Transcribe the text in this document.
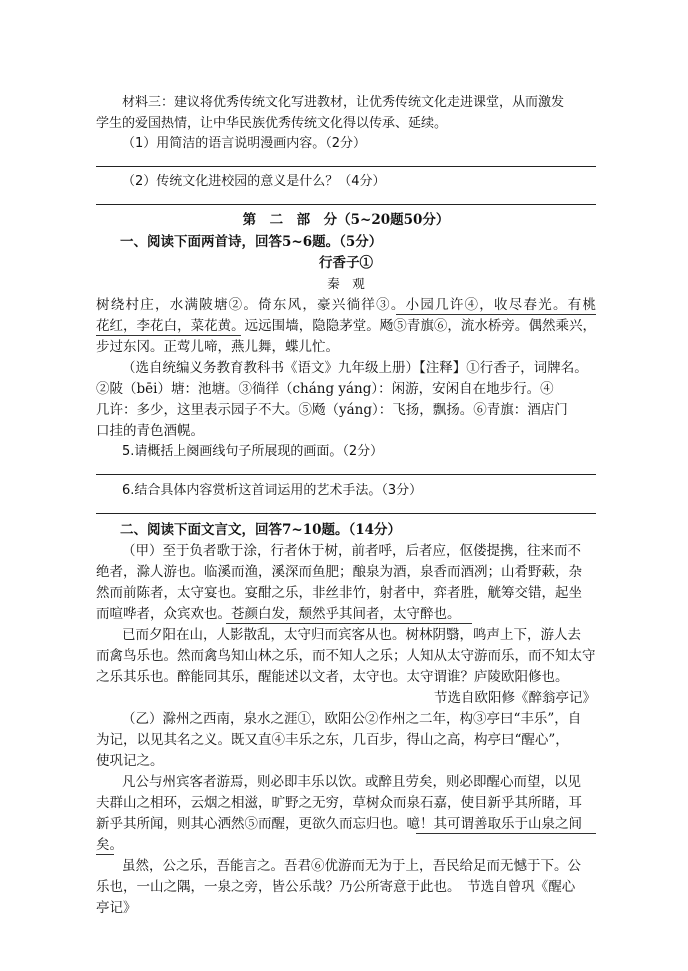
材料三：建议将优秀传统文化写进教材，让优秀传统文化走进课堂，从而激发
学生的爱国热情，让中华民族优秀传统文化得以传承、延续。
（1）用简洁的语言说明漫画内容。（2分）
（2）传统文化进校园的意义是什么？（4分）
第　二　部　分（5~20题50分）
一、阅读下面两首诗，回答5~6题。（5分）
行香子①
秦　观
树绕村庄，水满陂塘②。倚东风，豪兴徜徉③。小园几许④，收尽春光。有桃
花红，李花白，菜花黄。远远围墙，隐隐茅堂。飏⑤青旗⑥，流水桥旁。偶然乘兴，
步过东冈。正莺儿啼，燕儿舞，蝶儿忙。
（选自统编义务教育教科书《语文》九年级上册）【注释】①行香子，词牌名。
②陂（bēi）塘：池塘。③徜徉（cháng yáng）：闲游，安闲自在地步行。④
几许：多少，这里表示园子不大。⑤飏（yáng）：飞扬，飘扬。⑥青旗：酒店门
口挂的青色酒幌。
5.请概括上阕画线句子所展现的画面。（2分）
6.结合具体内容赏析这首词运用的艺术手法。（3分）
二、阅读下面文言文，回答7~10题。（14分）
（甲）至于负者歌于涂，行者休于树，前者呼，后者应，伛偻提携，往来而不
绝者，滁人游也。临溪而渔，溪深而鱼肥；酿泉为酒，泉香而酒冽；山肴野蔌，杂
然而前陈者，太守宴也。宴酣之乐，非丝非竹，射者中，弈者胜，觥筹交错，起坐
而喧哗者，众宾欢也。苍颜白发，颓然乎其间者，太守醉也。
已而夕阳在山，人影散乱，太守归而宾客从也。树林阴翳，鸣声上下，游人去
而禽鸟乐也。然而禽鸟知山林之乐，而不知人之乐；人知从太守游而乐，而不知太守
之乐其乐也。醉能同其乐，醒能述以文者，太守也。太守谓谁？庐陵欧阳修也。
节选自欧阳修《醉翁亭记》
（乙）滁州之西南，泉水之涯①，欧阳公②作州之二年，构③亭曰“丰乐”，自
为记，以见其名之义。既又直④丰乐之东，几百步，得山之高，构亭曰“醒心”，
使巩记之。
凡公与州宾客者游焉，则必即丰乐以饮。或醉且劳矣，则必即醒心而望，以见
夫群山之相环，云烟之相滋，旷野之无穷，草树众而泉石嘉，使目新乎其所睹，耳
新乎其所闻，则其心洒然⑤而醒，更欲久而忘归也。噫！其可谓善取乐于山泉之间
矣。
虽然，公之乐，吾能言之。吾君⑥优游而无为于上，吾民给足而无憾于下。公
乐也，一山之隅，一泉之旁，皆公乐哉？乃公所寄意于此也。　节选自曾巩《醒心
亭记》
